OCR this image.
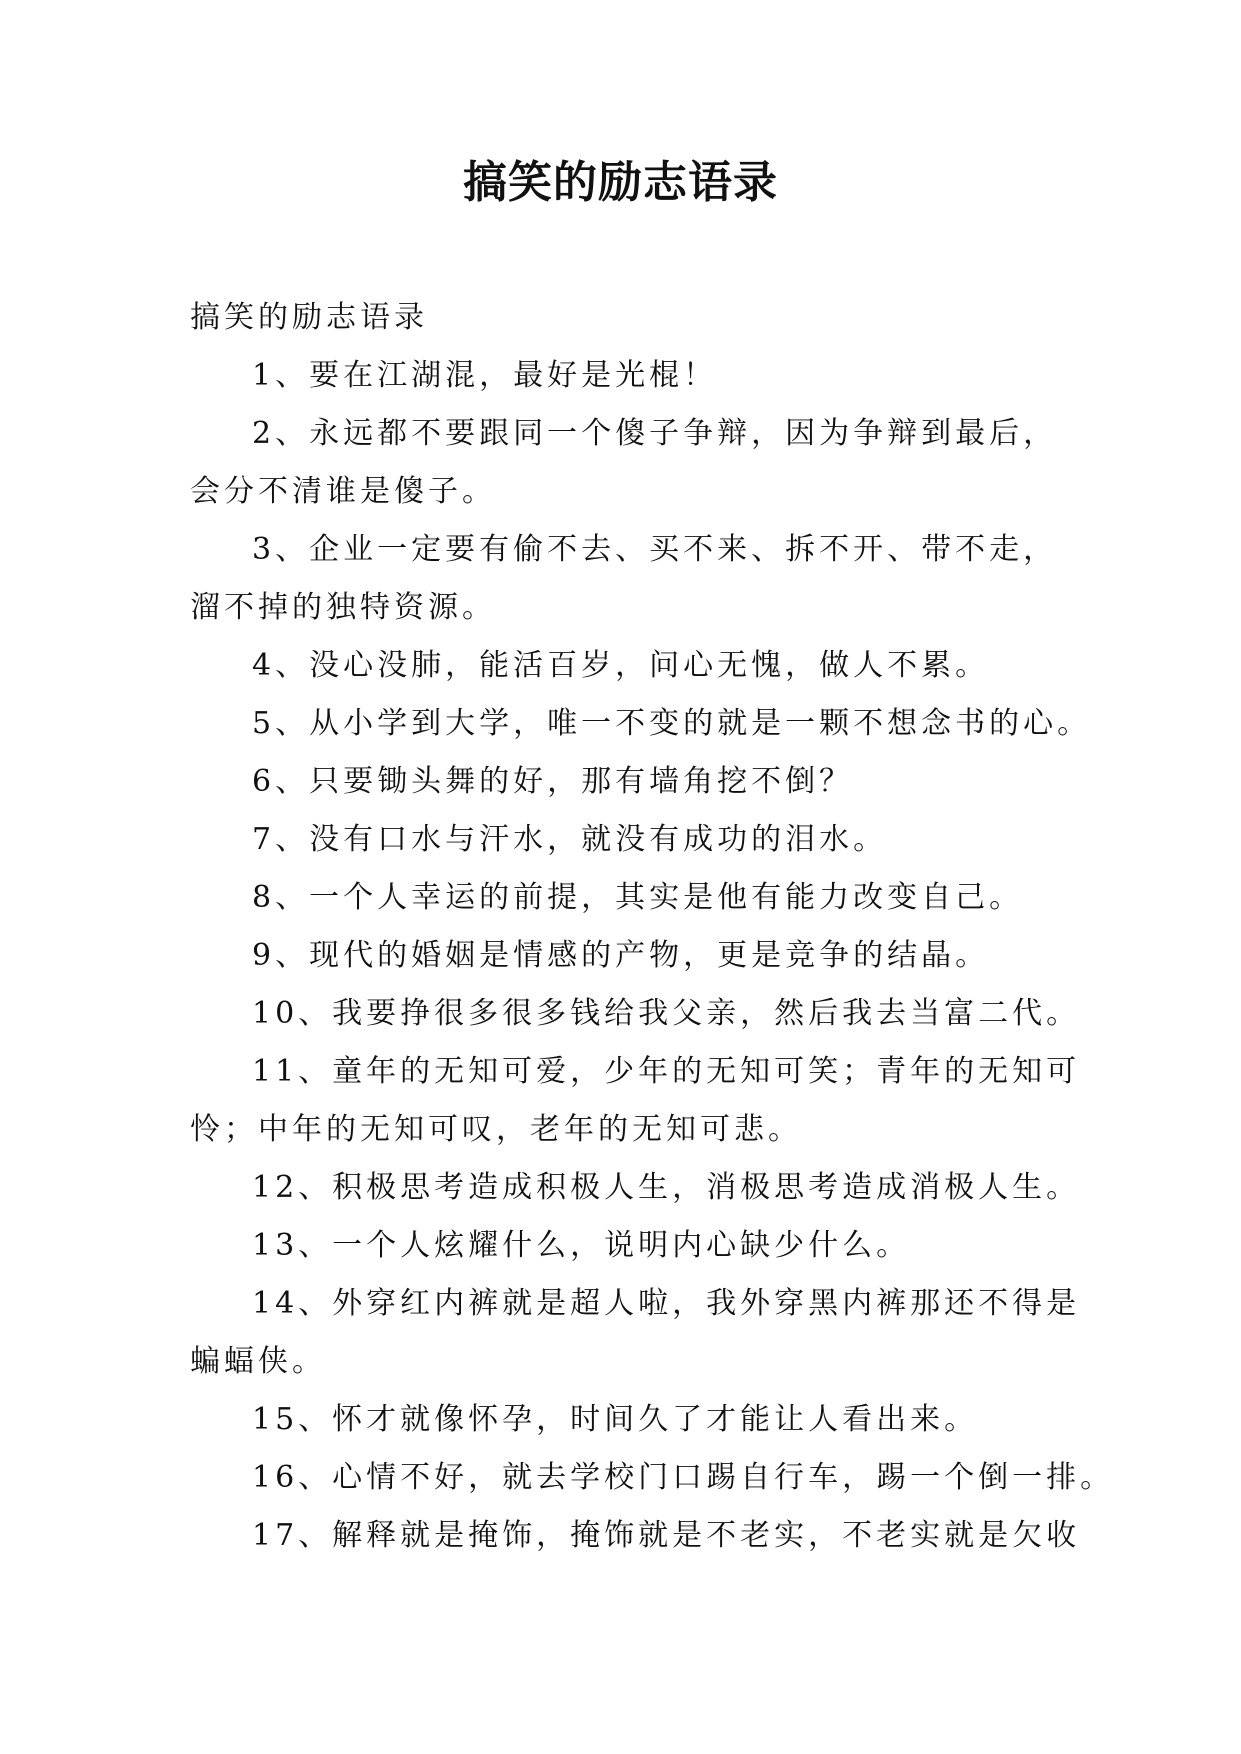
搞笑的励志语录

搞笑的励志语录

1、要在江湖混，最好是光棍！

2、永远都不要跟同一个傻子争辩，因为争辩到最后，

会分不清谁是傻子。

3、企业一定要有偷不去、买不来、拆不开、带不走，

溜不掉的独特资源。

4、没心没肺，能活百岁，问心无愧，做人不累。

5、从小学到大学，唯一不变的就是一颗不想念书的心。

6、只要锄头舞的好，那有墙角挖不倒？

7、没有口水与汗水，就没有成功的泪水。

8、一个人幸运的前提，其实是他有能力改变自己。

9、现代的婚姻是情感的产物，更是竞争的结晶。

10、我要挣很多很多钱给我父亲，然后我去当富二代。

11、童年的无知可爱，少年的无知可笑；青年的无知可

怜；中年的无知可叹，老年的无知可悲。

12、积极思考造成积极人生，消极思考造成消极人生。

13、一个人炫耀什么，说明内心缺少什么。

14、外穿红内裤就是超人啦，我外穿黑内裤那还不得是

蝙蝠侠。

15、怀才就像怀孕，时间久了才能让人看出来。

16、心情不好，就去学校门口踢自行车，踢一个倒一排。

17、解释就是掩饰，掩饰就是不老实，不老实就是欠收
